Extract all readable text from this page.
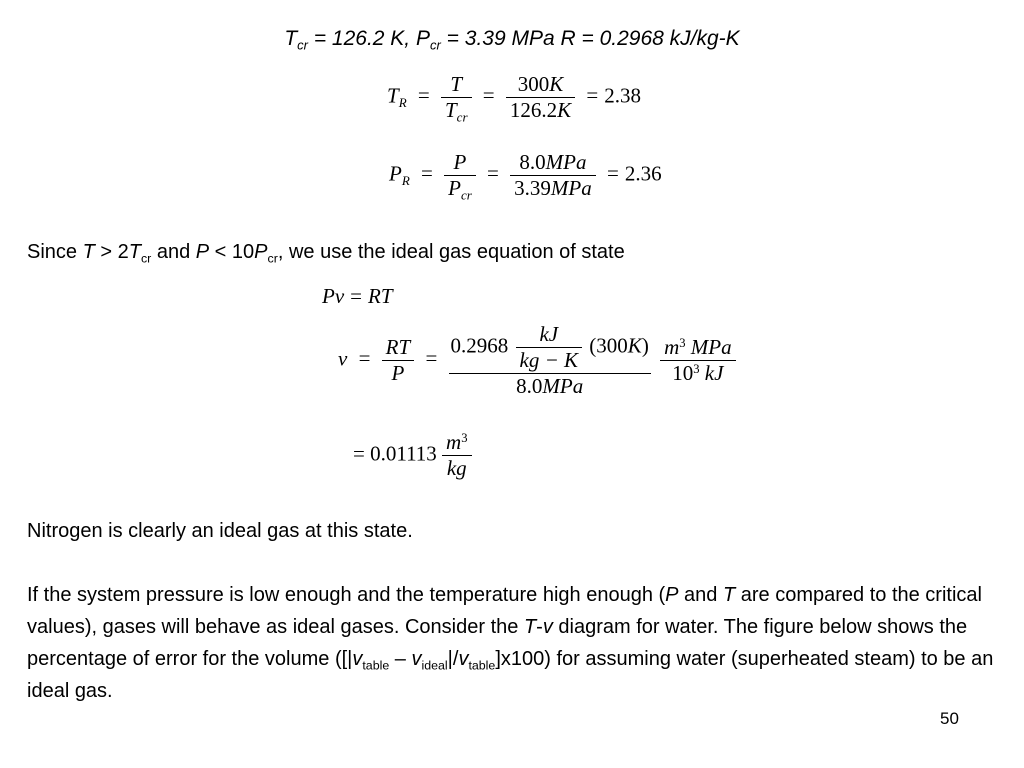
$T_{cr} = 126.2$ K, $P_{cr} = 3.39$ MPa R = 0.2968 kJ/kg-K
$T_R = \frac{T}{T_{cr}} = \frac{300K}{126.2K} = 2.38$
$P_R = \frac{P}{P_{cr}} = \frac{\text{8.0MPa}}{\text{3.39MPa}} = 2.36$
Since $T > 2T_{cr}$ and $P < 10P_{cr}$, we use the ideal gas equation of state
Pv = RT
$v = \frac{RT}{P} = \frac{0.2968 \frac{kJ}{kg - K} (300K)}{\text{8.0MPa}}$
$\frac{m^3 MPa}{10^3 kJ}$
= $0.01113 \frac{m^3}{kg}$
Nitrogen is clearly an ideal gas at this state.
If the system pressure is low enough and the temperature high enough (P and T are compared to the critical values), gases will behave as ideal gases. Consider the T-v diagram for water. The figure below shows the percentage of error for the volume $([|v_{table} - v_{ideal}|/v_{table}]x100)$ for assuming water (superheated steam) to be an ideal gas.
50
